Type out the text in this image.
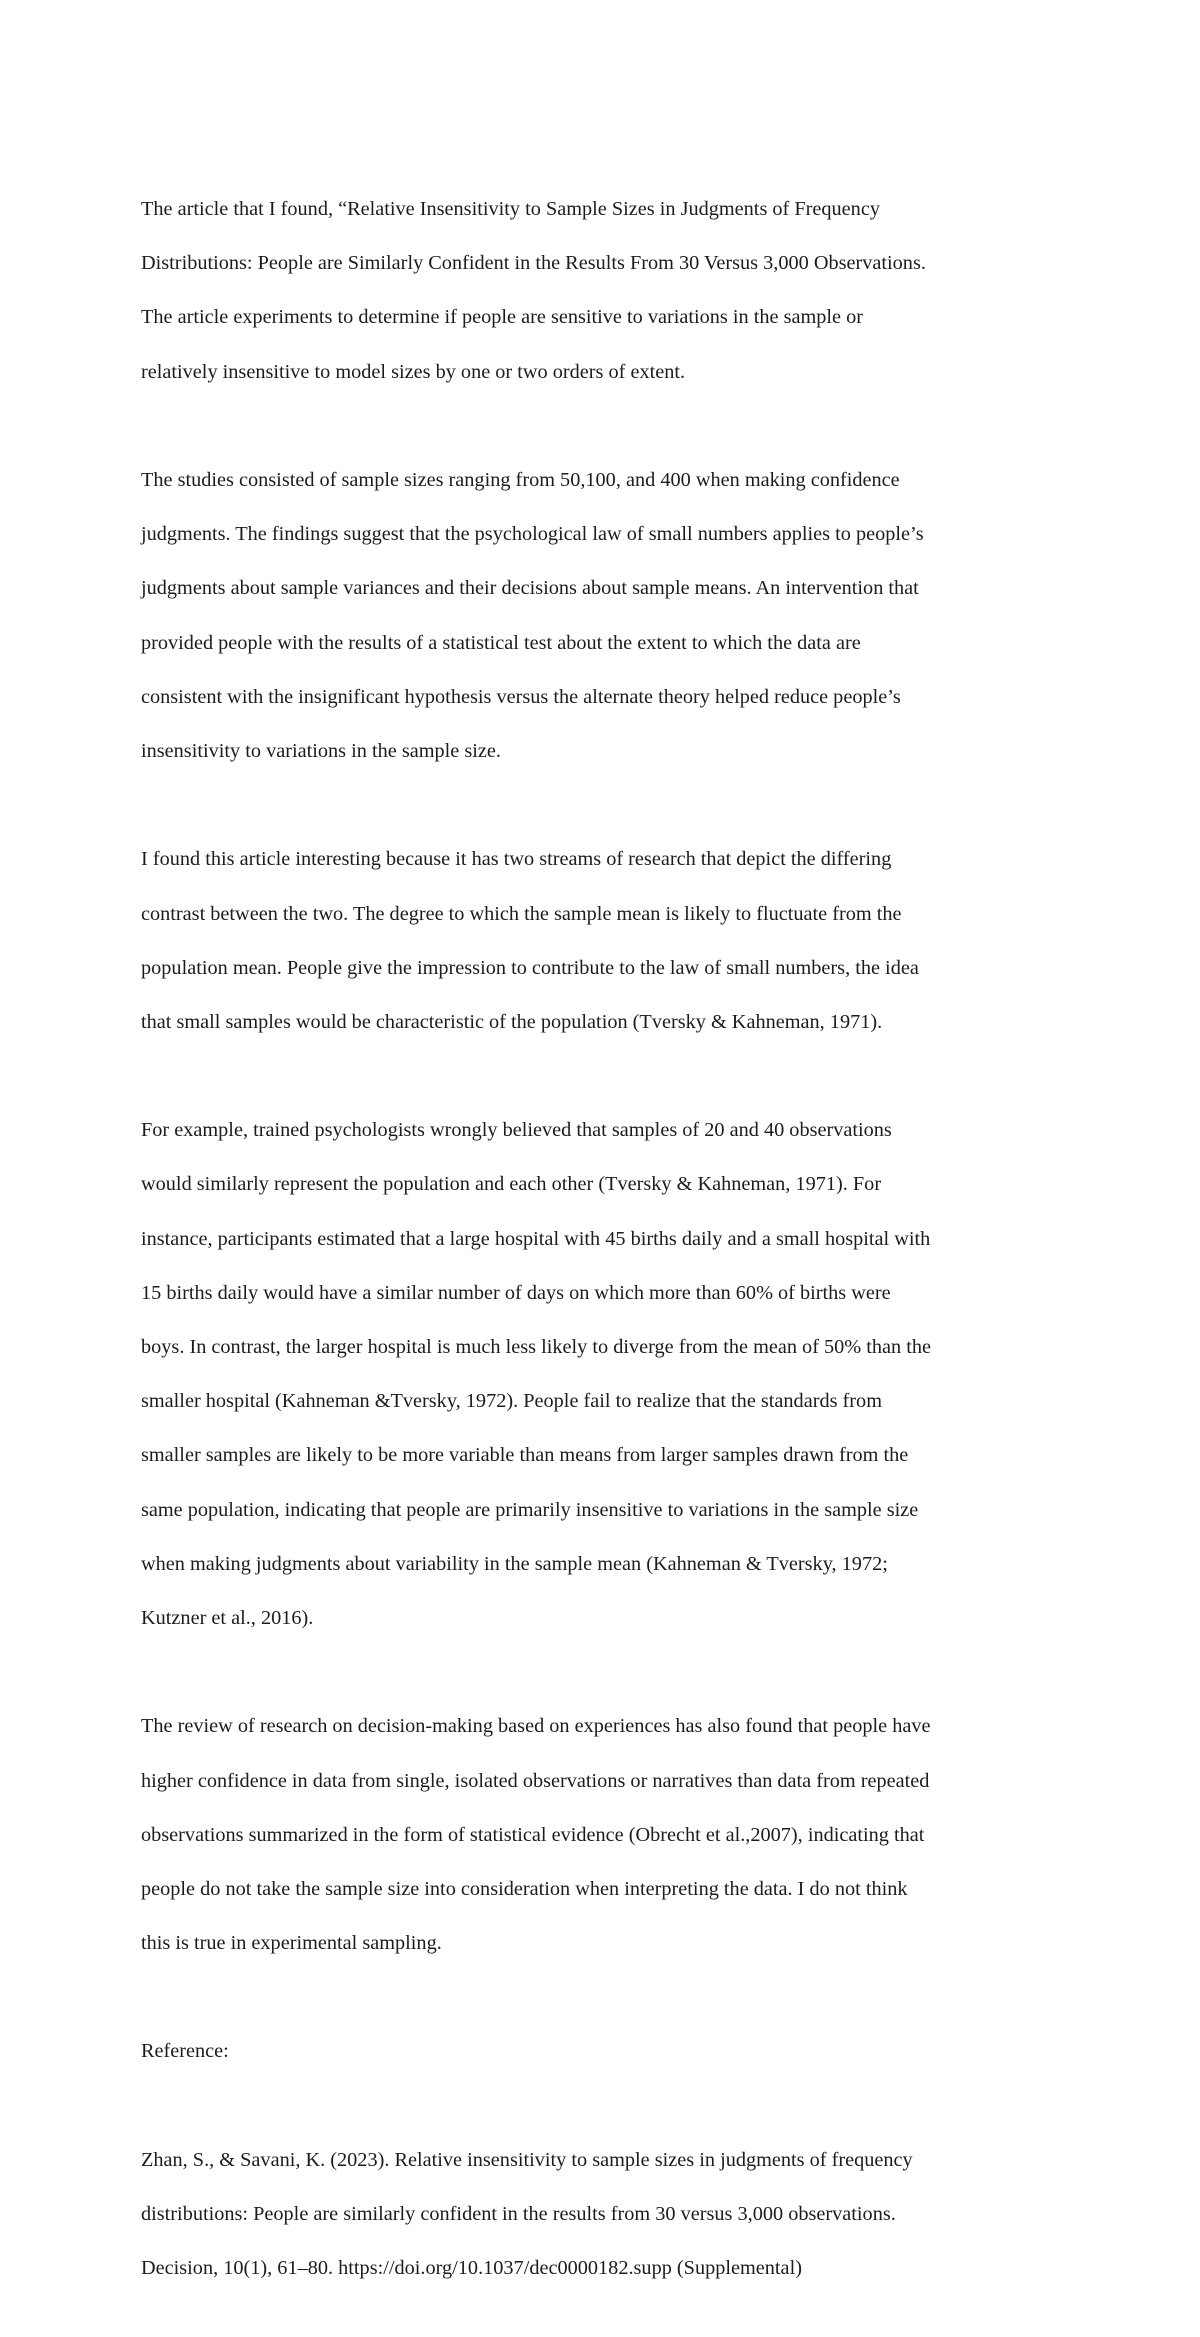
The article that I found, “Relative Insensitivity to Sample Sizes in Judgments of Frequency

Distributions: People are Similarly Confident in the Results From 30 Versus 3,000 Observations.

The article experiments to determine if people are sensitive to variations in the sample or

relatively insensitive to model sizes by one or two orders of extent.

The studies consisted of sample sizes ranging from 50,100, and 400 when making confidence

judgments. The findings suggest that the psychological law of small numbers applies to people’s

judgments about sample variances and their decisions about sample means. An intervention that

provided people with the results of a statistical test about the extent to which the data are

consistent with the insignificant hypothesis versus the alternate theory helped reduce people’s

insensitivity to variations in the sample size.

I found this article interesting because it has two streams of research that depict the differing

contrast between the two. The degree to which the sample mean is likely to fluctuate from the

population mean. People give the impression to contribute to the law of small numbers, the idea

that small samples would be characteristic of the population (Tversky & Kahneman, 1971).

For example, trained psychologists wrongly believed that samples of 20 and 40 observations

would similarly represent the population and each other (Tversky & Kahneman, 1971). For

instance, participants estimated that a large hospital with 45 births daily and a small hospital with

15 births daily would have a similar number of days on which more than 60% of births were

boys. In contrast, the larger hospital is much less likely to diverge from the mean of 50% than the

smaller hospital (Kahneman &Tversky, 1972). People fail to realize that the standards from

smaller samples are likely to be more variable than means from larger samples drawn from the

same population, indicating that people are primarily insensitive to variations in the sample size

when making judgments about variability in the sample mean (Kahneman & Tversky, 1972;

Kutzner et al., 2016).

The review of research on decision-making based on experiences has also found that people have

higher confidence in data from single, isolated observations or narratives than data from repeated

observations summarized in the form of statistical evidence (Obrecht et al.,2007), indicating that

people do not take the sample size into consideration when interpreting the data. I do not think

this is true in experimental sampling.

Reference:

Zhan, S., & Savani, K. (2023). Relative insensitivity to sample sizes in judgments of frequency

distributions: People are similarly confident in the results from 30 versus 3,000 observations.

Decision, 10(1), 61–80. https://doi.org/10.1037/dec0000182.supp (Supplemental)
